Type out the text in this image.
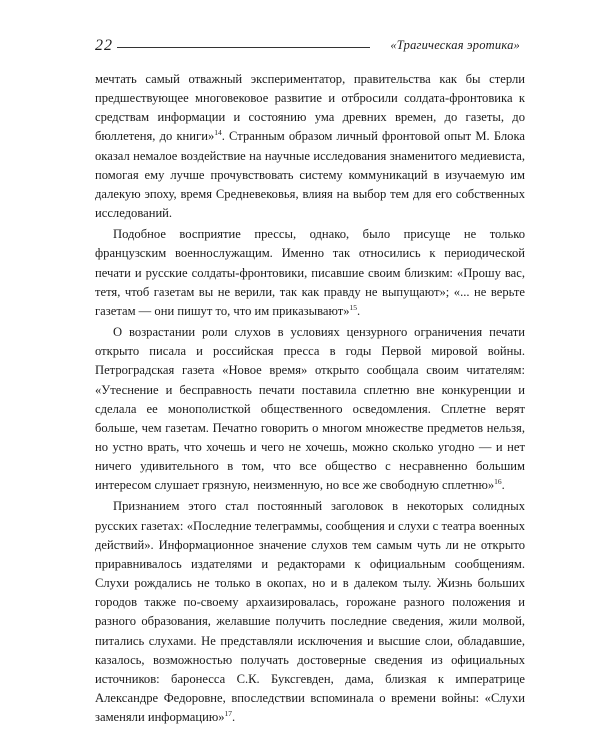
22	«Трагическая эротика»

мечтать самый отважный экспериментатор, правительства как бы стерли предшествующее многовековое развитие и отбросили солдата-фронтовика к средствам информации и состоянию ума древних времен, до газеты, до бюллетеня, до книги»$^{14}$. Странным образом личный фронтовой опыт М. Блока оказал немалое воздействие на научные исследования знаменитого медиевиста, помогая ему лучше прочувствовать систему коммуникаций в изучаемую им далекую эпоху, время Средневековья, влияя на выбор тем для его собственных исследований.

Подобное восприятие прессы, однако, было присуще не только французским военнослужащим. Именно так относились к периодической печати и русские солдаты-фронтовики, писавшие своим близким: «Прошу вас, тетя, чтоб газетам вы не верили, так как правду не выпущают»; «... не верьте газетам — они пишут то, что им приказывают»$^{15}$.

О возрастании роли слухов в условиях цензурного ограничения печати открыто писала и российская пресса в годы Первой мировой войны. Петроградская газета «Новое время» открыто сообщала своим читателям: «Утеснение и бесправность печати поставила сплетню вне конкуренции и сделала ее монополисткой общественного осведомления. Сплетне верят больше, чем газетам. Печатно говорить о многом множестве предметов нельзя, но устно врать, что хочешь и чего не хочешь, можно сколько угодно — и нет ничего удивительного в том, что все общество с несравненно большим интересом слушает грязную, неизменную, но все же свободную сплетню»$^{16}$.

Признанием этого стал постоянный заголовок в некоторых солидных русских газетах: «Последние телеграммы, сообщения и слухи с театра военных действий». Информационное значение слухов тем самым чуть ли не открыто приравнивалось издателями и редакторами к официальным сообщениям. Слухи рождались не только в окопах, но и в далеком тылу. Жизнь больших городов также по-своему архаизировалась, горожане разного положения и разного образования, желавшие получить последние сведения, жили молвой, питались слухами. Не представляли исключения и высшие слои, обладавшие, казалось, возможностью получать достоверные сведения из официальных источников: баронесса С.К. Буксгевден, дама, близкая к императрице Александре Федоровне, впоследствии вспоминала о времени войны: «Слухи заменяли информацию»$^{17}$.
